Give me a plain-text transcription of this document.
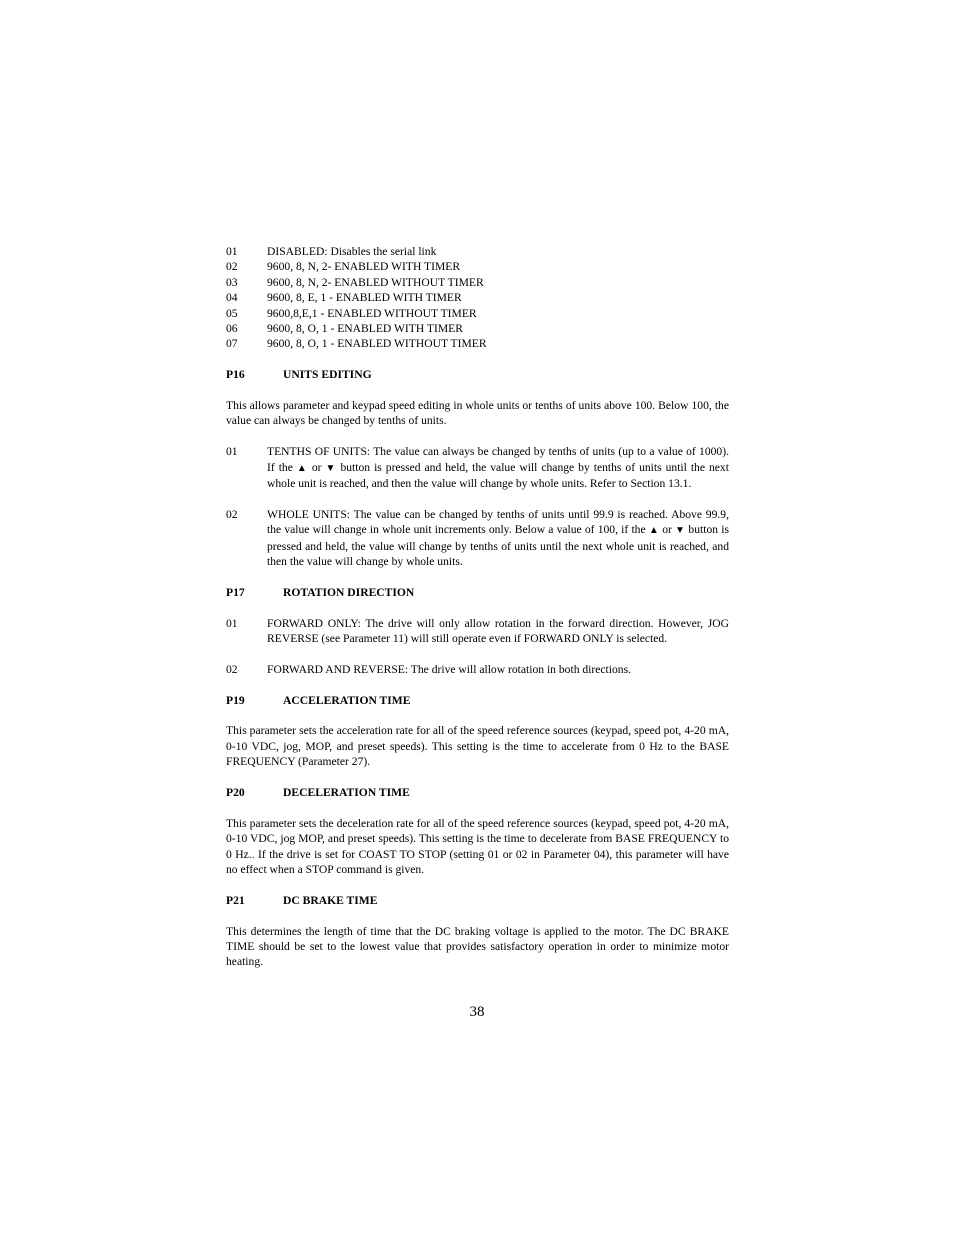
01	DISABLED: Disables the serial link
02	9600, 8, N, 2- ENABLED WITH TIMER
03	9600, 8, N, 2- ENABLED WITHOUT TIMER
04	9600, 8, E, 1 - ENABLED WITH TIMER
05	9600,8,E,1 - ENABLED WITHOUT TIMER
06	9600, 8, O, 1 - ENABLED WITH TIMER
07	9600, 8, O, 1 - ENABLED WITHOUT TIMER
P16	UNITS EDITING

This allows parameter and keypad speed editing in whole units or tenths of units above 100. Below 100, the value can always be changed by tenths of units.

01	TENTHS OF UNITS: The value can always be changed by tenths of units (up to a value of 1000). If the ▲ or ▼ button is pressed and held, the value will change by tenths of units until the next whole unit is reached, and then the value will change by whole units. Refer to Section 13.1.
02	WHOLE UNITS: The value can be changed by tenths of units until 99.9 is reached. Above 99.9, the value will change in whole unit increments only. Below a value of 100, if the ▲ or ▼ button is pressed and held, the value will change by tenths of units until the next whole unit is reached, and then the value will change by whole units.
P17	ROTATION DIRECTION
01	FORWARD ONLY: The drive will only allow rotation in the forward direction. However, JOG REVERSE (see Parameter 11) will still operate even if FORWARD ONLY is selected.
02	FORWARD AND REVERSE: The drive will allow rotation in both directions.
P19	ACCELERATION TIME

This parameter sets the acceleration rate for all of the speed reference sources (keypad, speed pot, 4-20 mA, 0-10 VDC, jog, MOP, and preset speeds). This setting is the time to accelerate from 0 Hz to the BASE FREQUENCY (Parameter 27).

P20	DECELERATION TIME

This parameter sets the deceleration rate for all of the speed reference sources (keypad, speed pot, 4-20 mA, 0-10 VDC, jog MOP, and preset speeds). This setting is the time to decelerate from BASE FREQUENCY to 0 Hz.. If the drive is set for COAST TO STOP (setting 01 or 02 in Parameter 04), this parameter will have no effect when a STOP command is given.

P21	DC BRAKE TIME

This determines the length of time that the DC braking voltage is applied to the motor. The DC BRAKE TIME should be set to the lowest value that provides satisfactory operation in order to minimize motor heating.

38
